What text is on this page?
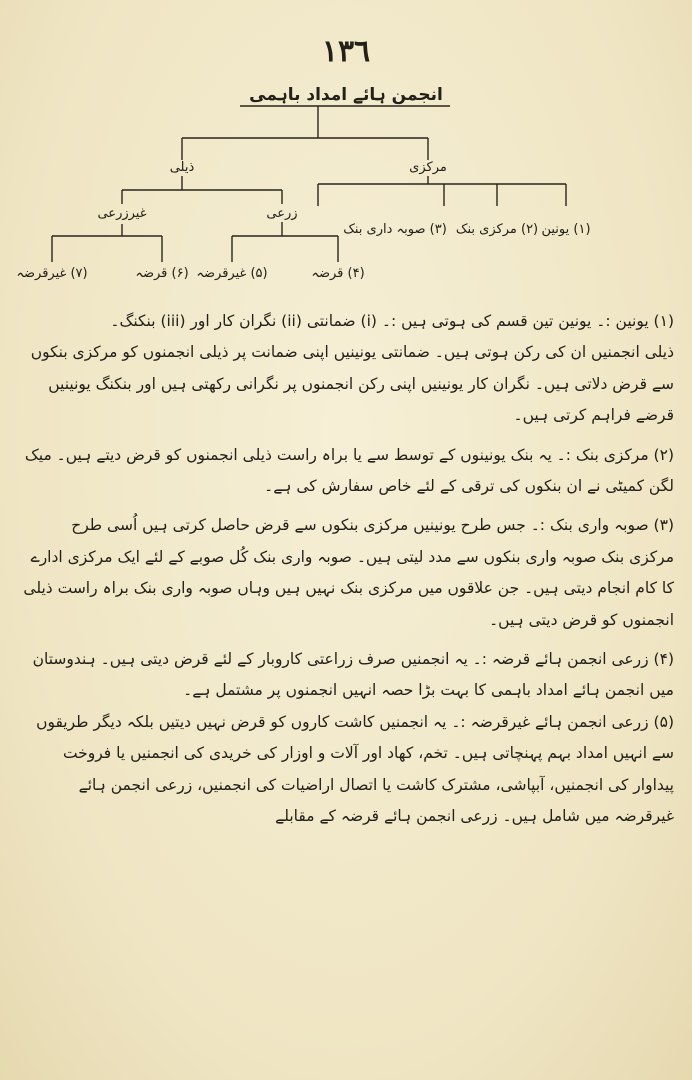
١٣٦
انجمن ہائے امداد باہمی
ذیلی	مرکزی
غیرزرعی	زرعی
(۱) یونین
(۲) مرکزی بنک
(۳) صوبہ داری بنک
(۴) قرضہ
(۵) غیرقرضہ
(۶) قرضہ
(۷) غیرقرضہ

(۱) یونین :۔ یونین تین قسم کی ہوتی ہیں :۔ (i) ضمانتی (ii) نگران کار اور (iii) بنکنگ۔

ذیلی انجمنیں ان کی رکن ہوتی ہیں۔ ضمانتی یونینیں اپنی ضمانت پر ذیلی انجمنوں کو مرکزی بنکوں سے قرض دلاتی ہیں۔ نگران کار یونینیں اپنی رکن انجمنوں پر نگرانی رکھتی ہیں اور بنکنگ یونینیں قرضے فراہم کرتی ہیں۔

(۲) مرکزی بنک :۔ یہ بنک یونینوں کے توسط سے یا براہ راست ذیلی انجمنوں کو قرض دیتے ہیں۔ میک لگن کمیٹی نے ان بنکوں کی ترقی کے لئے خاص سفارش کی ہے۔

(۳) صوبہ واری بنک :۔ جس طرح یونینیں مرکزی بنکوں سے قرض حاصل کرتی ہیں اُسی طرح مرکزی بنک صوبہ واری بنکوں سے مدد لیتی ہیں۔ صوبہ واری بنک کُل صوبے کے لئے ایک مرکزی ادارے کا کام انجام دیتی ہیں۔ جن علاقوں میں مرکزی بنک نہیں ہیں وہاں صوبہ واری بنک براہ راست ذیلی انجمنوں کو قرض دیتی ہیں۔

(۴) زرعی انجمن ہائے قرضہ :۔ یہ انجمنیں صرف زراعتی کاروبار کے لئے قرض دیتی ہیں۔ ہندوستان میں انجمن ہائے امداد باہمی کا بہت بڑا حصہ انہیں انجمنوں پر مشتمل ہے۔

(۵) زرعی انجمن ہائے غیرقرضہ :۔ یہ انجمنیں کاشت کاروں کو قرض نہیں دیتیں بلکہ دیگر طریقوں سے انہیں امداد بہم پہنچاتی ہیں۔ تخم، کھاد اور آلات و اوزار کی خریدی کی انجمنیں یا فروخت پیداوار کی انجمنیں، آبپاشی، مشترک کاشت یا اتصال اراضیات کی انجمنیں، زرعی انجمن ہائے غیرقرضہ میں شامل ہیں۔ زرعی انجمن ہائے قرضہ کے مقابلے
